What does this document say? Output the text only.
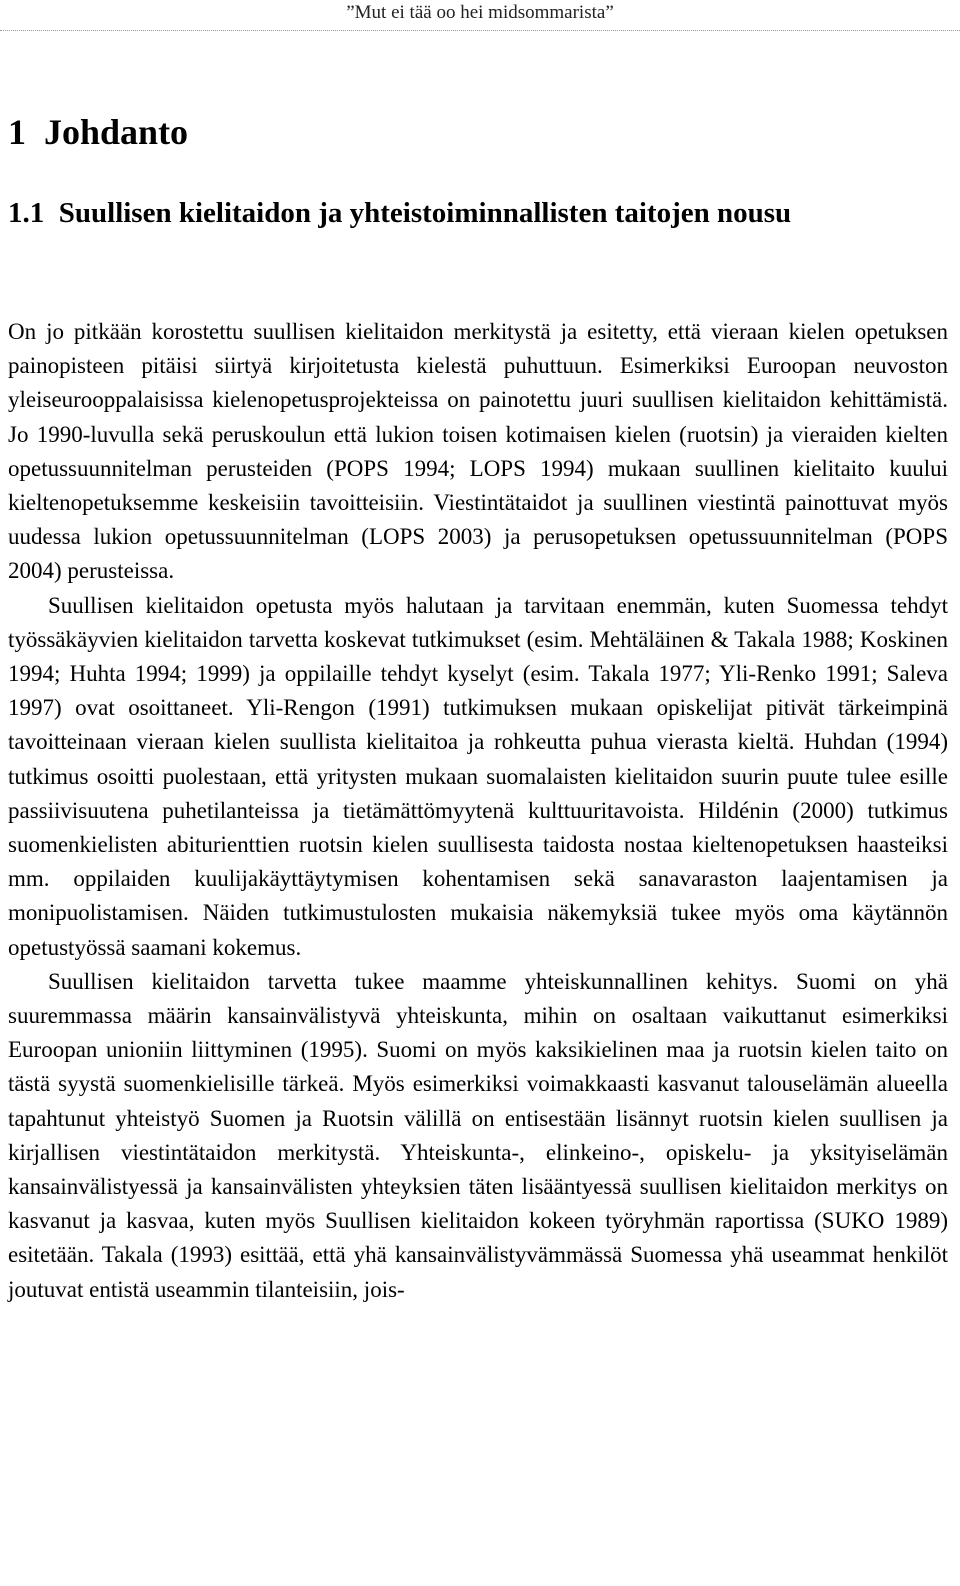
”Mut ei tää oo hei midsommarista”
1 Johdanto
1.1 Suullisen kielitaidon ja yhteistoiminnallisten taitojen nousu

On jo pitkään korostettu suullisen kielitaidon merkitystä ja esitetty, että vieraan kielen opetuksen painopisteen pitäisi siirtyä kirjoitetusta kielestä puhuttuun. Esimerkiksi Euroopan neuvoston yleiseurooppalaisissa kielenopetusprojekteissa on painotettu juuri suullisen kielitaidon kehittämistä. Jo 1990-luvulla sekä peruskoulun että lukion toisen kotimaisen kielen (ruotsin) ja vieraiden kielten opetussuunnitelman perusteiden (POPS 1994; LOPS 1994) mukaan suullinen kielitaito kuului kieltenopetuksemme keskeisiin tavoitteisiin. Viestintätaidot ja suullinen viestintä painottuvat myös uudessa lukion opetussuunnitelman (LOPS 2003) ja perusopetuksen opetussuunnitelman (POPS 2004) perusteissa.

Suullisen kielitaidon opetusta myös halutaan ja tarvitaan enemmän, kuten Suomessa tehdyt työssäkäyvien kielitaidon tarvetta koskevat tutkimukset (esim. Mehtäläinen & Takala 1988; Koskinen 1994; Huhta 1994; 1999) ja oppilaille tehdyt kyselyt (esim. Takala 1977; Yli-Renko 1991; Saleva 1997) ovat osoittaneet. Yli-Rengon (1991) tutkimuksen mukaan opiskelijat pitivät tärkeimpinä tavoitteinaan vieraan kielen suullista kielitaitoa ja rohkeutta puhua vierasta kieltä. Huhdan (1994) tutkimus osoitti puolestaan, että yritysten mukaan suomalaisten kielitaidon suurin puute tulee esille passiivisuutena puhetilanteissa ja tietämättömyytenä kulttuuritavoista. Hildénin (2000) tutkimus suomenkielisten abiturienttien ruotsin kielen suullisesta taidosta nostaa kieltenopetuksen haasteiksi mm. oppilaiden kuulijakäyttäytymisen kohentamisen sekä sanavaraston laajentamisen ja monipuolistamisen. Näiden tutkimustulosten mukaisia näkemyksiä tukee myös oma käytännön opetustyössä saamani kokemus.

Suullisen kielitaidon tarvetta tukee maamme yhteiskunnallinen kehitys. Suomi on yhä suuremmassa määrin kansainvälistyvä yhteiskunta, mihin on osaltaan vaikuttanut esimerkiksi Euroopan unioniin liittyminen (1995). Suomi on myös kaksikielinen maa ja ruotsin kielen taito on tästä syystä suomenkielisille tärkeä. Myös esimerkiksi voimakkaasti kasvanut talouselämän alueella tapahtunut yhteistyö Suomen ja Ruotsin välillä on entisestään lisännyt ruotsin kielen suullisen ja kirjallisen viestintätaidon merkitystä. Yhteiskunta-, elinkeino-, opiskelu- ja yksityiselämän kansainvälistyessä ja kansainvälisten yhteyksien täten lisääntyessä suullisen kielitaidon merkitys on kasvanut ja kasvaa, kuten myös Suullisen kielitaidon kokeen työryhmän raportissa (SUKO 1989) esitetään. Takala (1993) esittää, että yhä kansainvälistyvämmässä Suomessa yhä useammat henkilöt joutuvat entistä useammin tilanteisiin, jois-
